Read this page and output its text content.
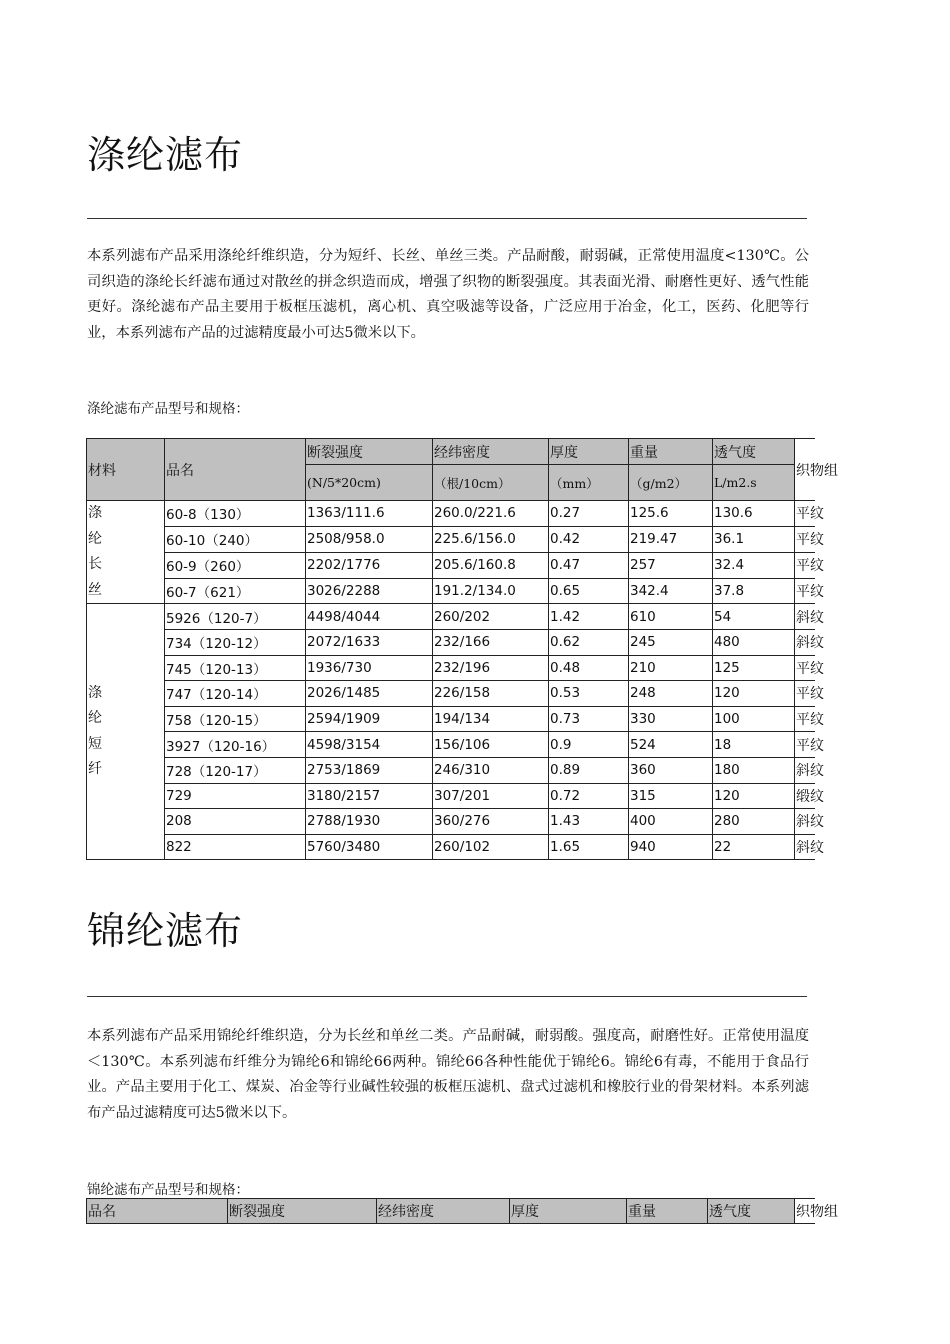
涤纶滤布
本系列滤布产品采用涤纶纤维织造，分为短纤、长丝、单丝三类。产品耐酸，耐弱碱，正常使用温度<130℃。公司织造的涤纶长纤滤布通过对散丝的拼念织造而成，增强了织物的断裂强度。其表面光滑、耐磨性更好、透气性能更好。涤纶滤布产品主要用于板框压滤机，离心机、真空吸滤等设备，广泛应用于冶金，化工，医药、化肥等行业，本系列滤布产品的过滤精度最小可达5微米以下。
涤纶滤布产品型号和规格：
材料	品名	断裂强度	经纬密度	厚度	重量	透气度	织物组
		(N/5*20cm)	（根/10cm）	（mm）	（g/m2）	L/m2.s	

涤
纶
长
丝	60-8（130）	1363/111.6	260.0/221.6	0.27	125.6	130.6	平纹
	60-10（240）	2508/958.0	225.6/156.0	0.42	219.47	36.1	平纹
	60-9（260）	2202/1776	205.6/160.8	0.47	257	32.4	平纹
	60-7（621）	3026/2288	191.2/134.0	0.65	342.4	37.8	平纹

涤
纶
短
纤	5926（120-7）	4498/4044	260/202	1.42	610	54	斜纹
	734（120-12）	2072/1633	232/166	0.62	245	480	斜纹
	745（120-13）	1936/730	232/196	0.48	210	125	平纹
	747（120-14）	2026/1485	226/158	0.53	248	120	平纹
	758（120-15）	2594/1909	194/134	0.73	330	100	平纹
	3927（120-16）	4598/3154	156/106	0.9	524	18	平纹
	728（120-17）	2753/1869	246/310	0.89	360	180	斜纹
	729	3180/2157	307/201	0.72	315	120	缎纹
	208	2788/1930	360/276	1.43	400	280	斜纹
	822	5760/3480	260/102	1.65	940	22	斜纹
锦纶滤布
本系列滤布产品采用锦纶纤维织造，分为长丝和单丝二类。产品耐碱，耐弱酸。强度高，耐磨性好。正常使用温度＜130℃。本系列滤布纤维分为锦纶6和锦纶66两种。锦纶66各种性能优于锦纶6。锦纶6有毒，不能用于食品行业。产品主要用于化工、煤炭、冶金等行业碱性较强的板框压滤机、盘式过滤机和橡胶行业的骨架材料。本系列滤布产品过滤精度可达5微米以下。
锦纶滤布产品型号和规格：
品名	断裂强度	经纬密度	厚度	重量	透气度	织物组
